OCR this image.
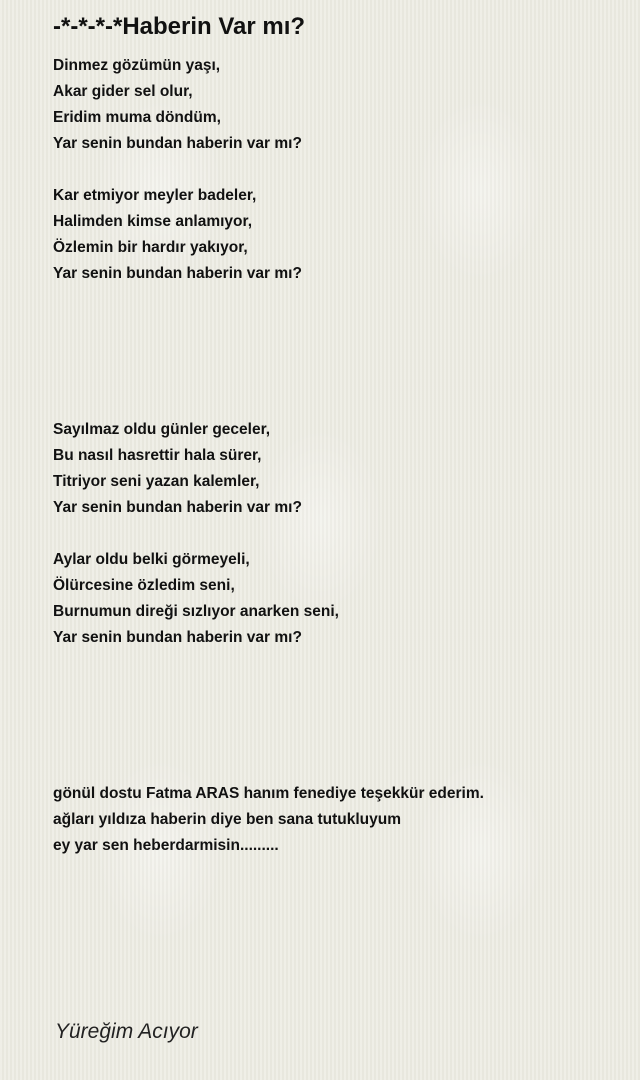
-*-*-*-*Haberin Var mı?
Dinmez gözümün yaşı,
Akar gider sel olur,
Eridim muma döndüm,
Yar senin bundan haberin var mı?
Kar etmiyor meyler badeler,
Halimden kimse anlamıyor,
Özlemin bir hardır yakıyor,
Yar senin bundan haberin var mı?
Sayılmaz oldu günler geceler,
Bu nasıl hasrettir hala sürer,
Titriyor seni yazan kalemler,
Yar senin bundan haberin var mı?
Aylar oldu belki görmeyeli,
Ölürcesine özledim seni,
Burnumun direği sızlıyor anarken seni,
Yar senin bundan haberin var mı?
gönül dostu Fatma ARAS hanım fenediye teşekkür ederim.
ağları yıldıza haberin diye ben sana tutukluyum
ey yar sen heberdarmisin.........
Yüreğim Acıyor
